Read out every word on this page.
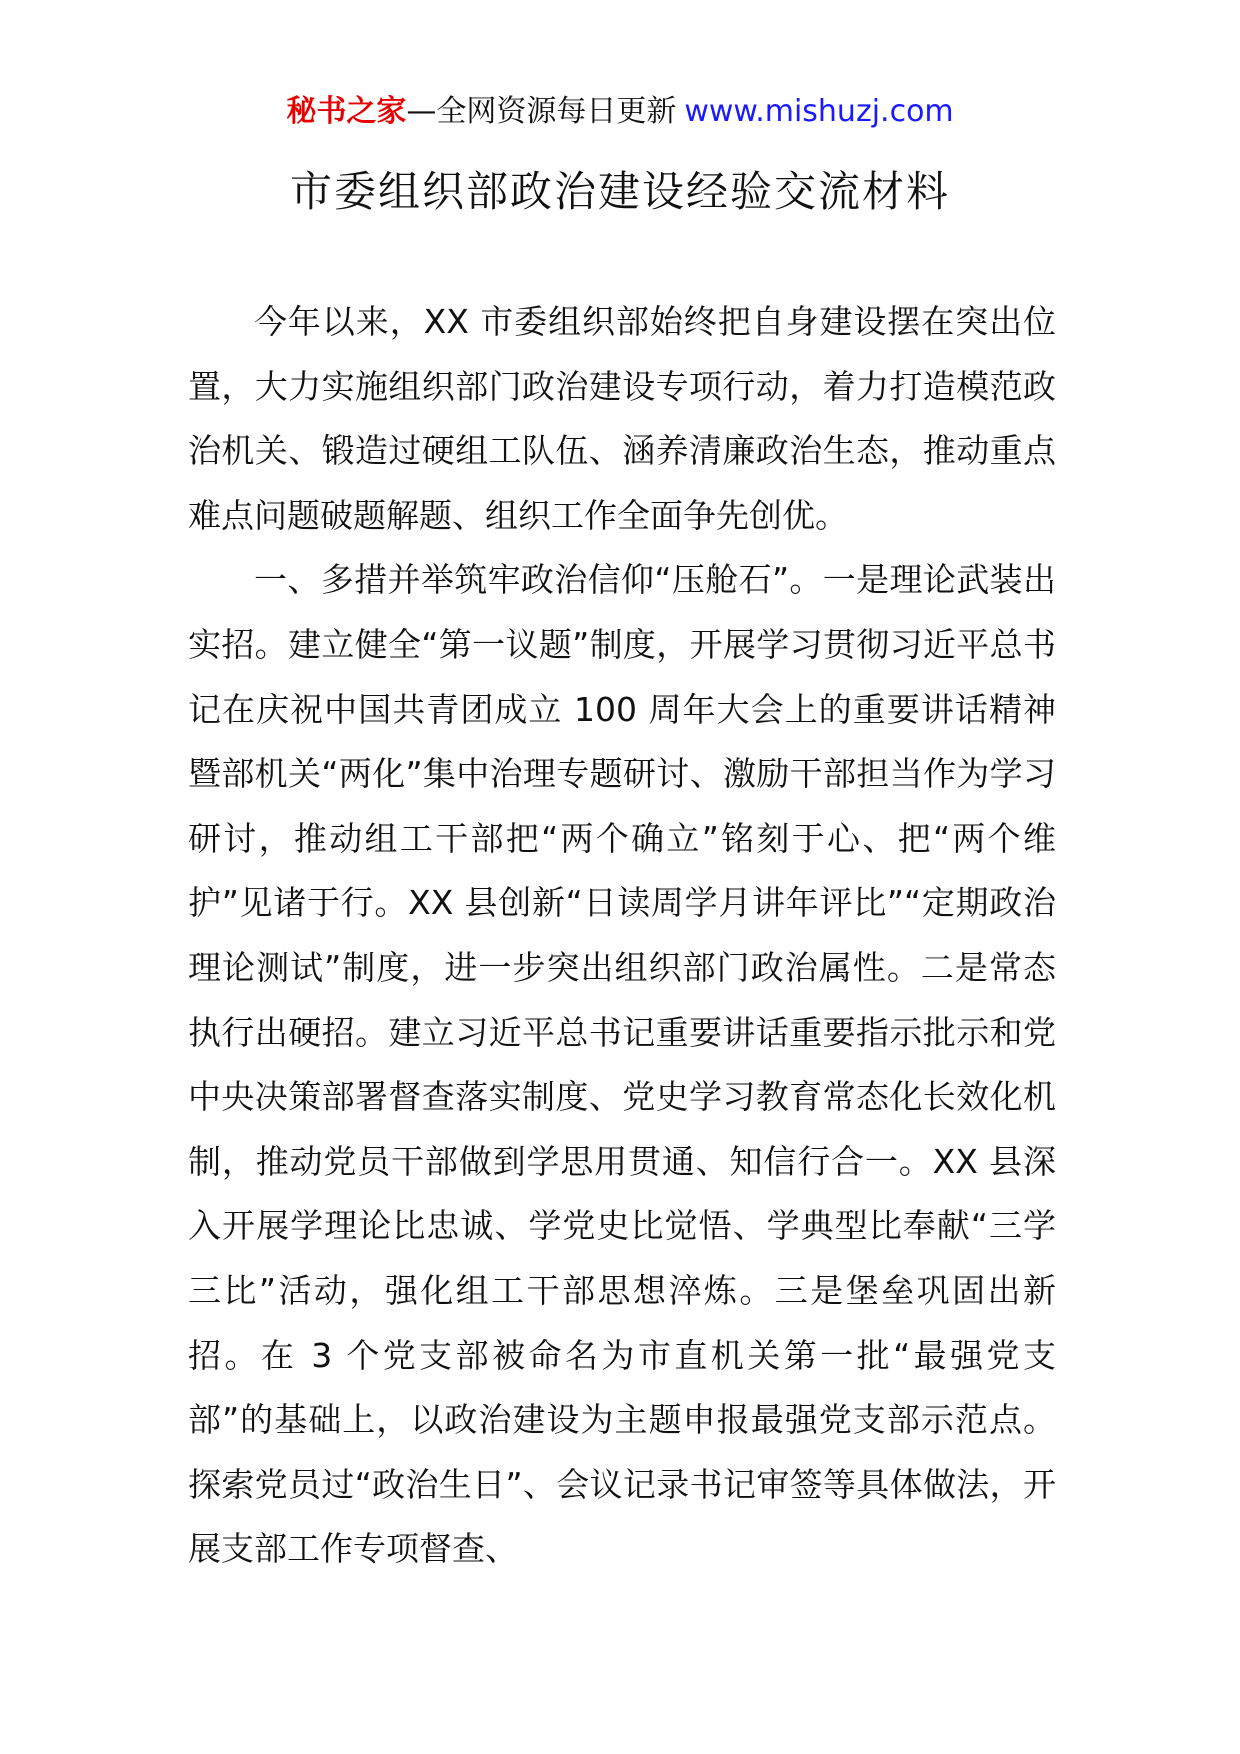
秘书之家—全网资源每日更新 www.mishuzj.com
市委组织部政治建设经验交流材料

今年以来，XX 市委组织部始终把自身建设摆在突出位置，大力实施组织部门政治建设专项行动，着力打造模范政治机关、锻造过硬组工队伍、涵养清廉政治生态，推动重点难点问题破题解题、组织工作全面争先创优。

一、多措并举筑牢政治信仰“压舱石”。一是理论武装出实招。建立健全“第一议题”制度，开展学习贯彻习近平总书记在庆祝中国共青团成立 100 周年大会上的重要讲话精神暨部机关“两化”集中治理专题研讨、激励干部担当作为学习研讨，推动组工干部把“两个确立”铭刻于心、把“两个维护”见诸于行。XX 县创新“日读周学月讲年评比”“定期政治理论测试”制度，进一步突出组织部门政治属性。二是常态执行出硬招。建立习近平总书记重要讲话重要指示批示和党中央决策部署督查落实制度、党史学习教育常态化长效化机制，推动党员干部做到学思用贯通、知信行合一。XX 县深入开展学理论比忠诚、学党史比觉悟、学典型比奉献“三学三比”活动，强化组工干部思想淬炼。三是堡垒巩固出新招。在 3 个党支部被命名为市直机关第一批“最强党支部”的基础上，以政治建设为主题申报最强党支部示范点。探索党员过“政治生日”、会议记录书记审签等具体做法，开展支部工作专项督查、
